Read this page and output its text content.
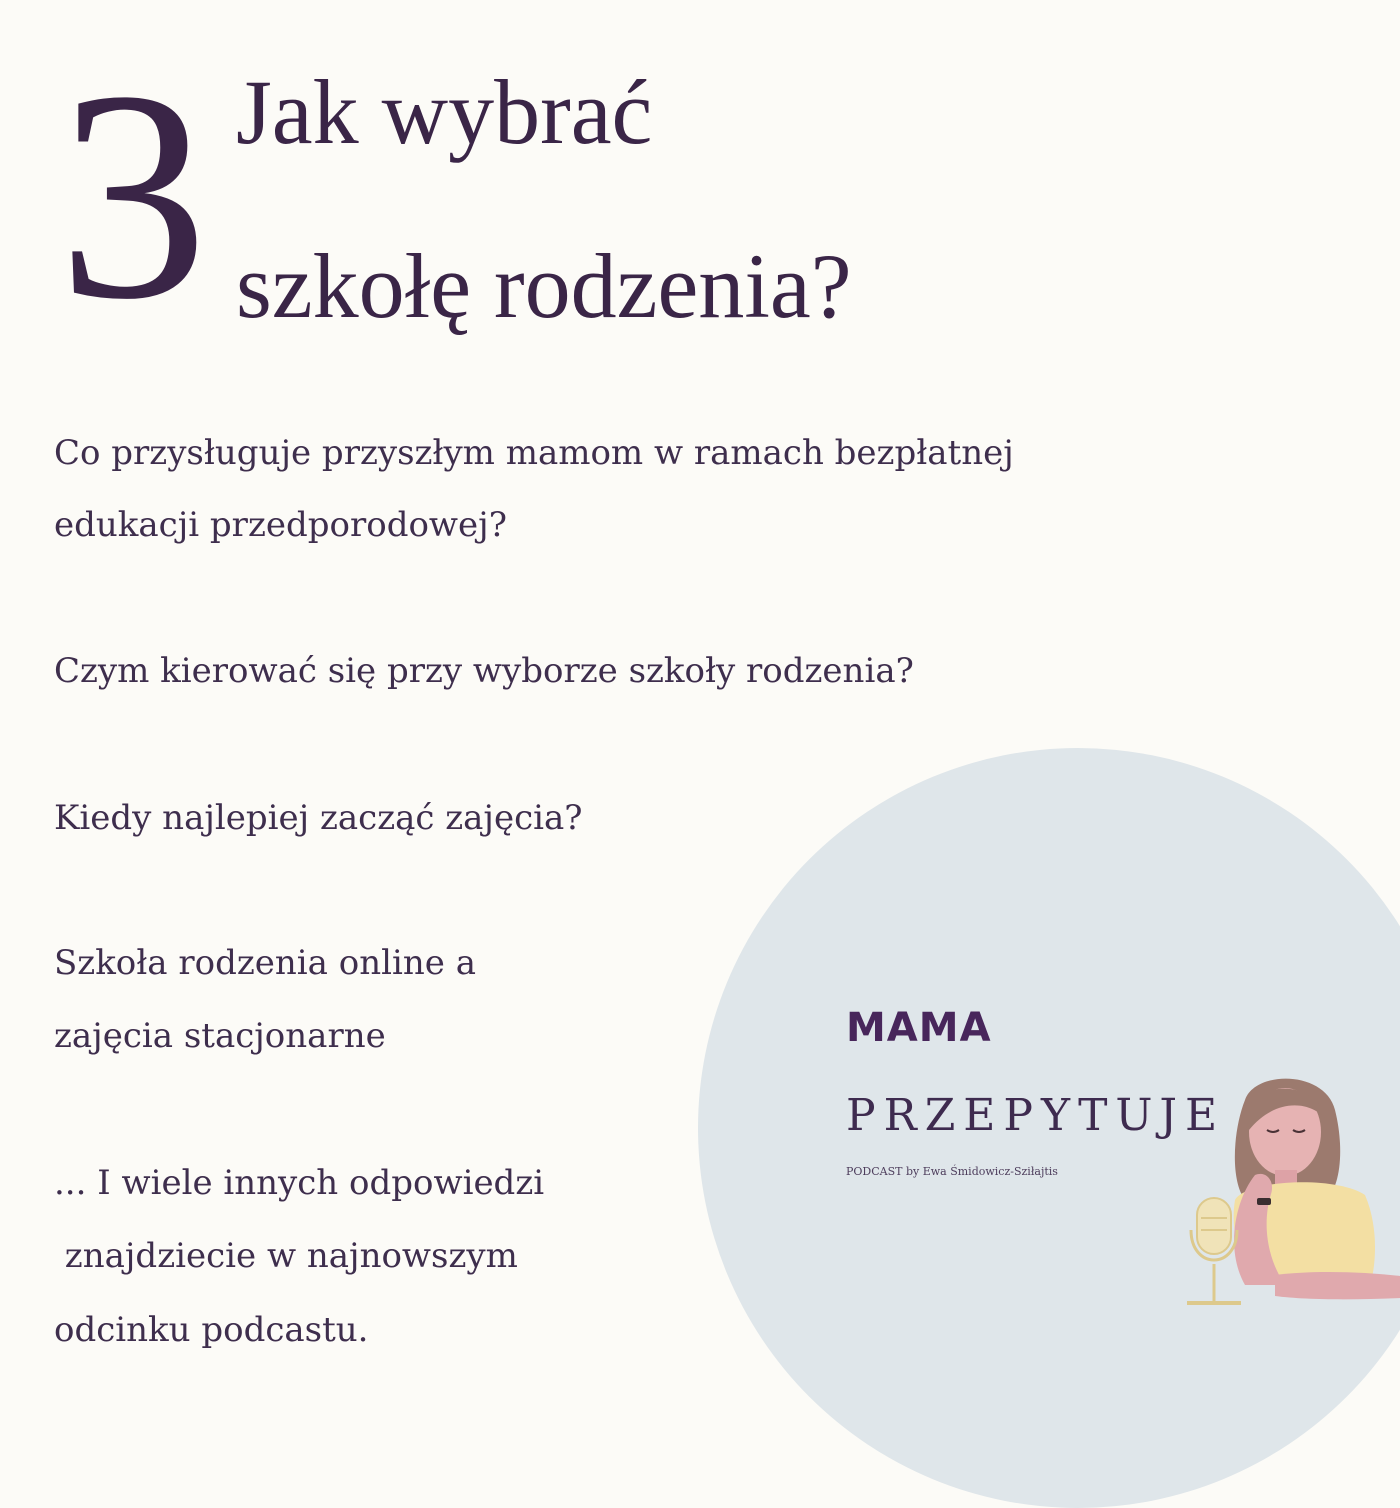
3 Jak wybrać
szkołę rodzenia?
Co przysługuje przyszłym mamom w ramach bezpłatnej
edukacji przedporodowej?
Czym kierować się przy wyborze szkoły rodzenia?
Kiedy najlepiej zacząć zajęcia?
Szkoła rodzenia online a
zajęcia stacjonarne
... I wiele innych odpowiedzi
znajdziecie w najnowszym
odcinku podcastu.
MAMA
PRZEPYTUJE
PODCAST by Ewa Śmidowicz-Sziłajtis
